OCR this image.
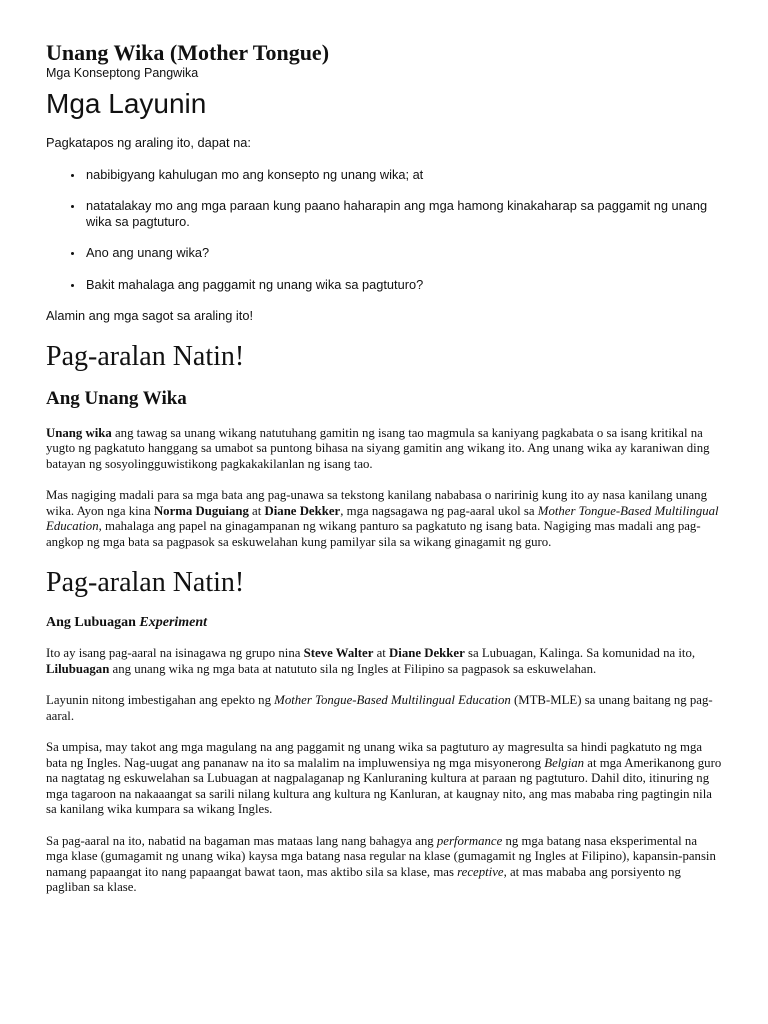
Unang Wika (Mother Tongue)
Mga Konseptong Pangwika
Mga Layunin

Pagkatapos ng araling ito, dapat na:

• nabibigyang kahulugan mo ang konsepto ng unang wika; at
• natatalakay mo ang mga paraan kung paano haharapin ang mga hamong kinakaharap sa paggamit ng unang wika sa pagtuturo.
• Ano ang unang wika?
• Bakit mahalaga ang paggamit ng unang wika sa pagtuturo?

Alamin ang mga sagot sa araling ito!

Pag-aralan Natin!
Ang Unang Wika

Unang wika ang tawag sa unang wikang natutuhang gamitin ng isang tao magmula sa kaniyang pagkabata o sa isang kritikal na yugto ng pagkatuto hanggang sa umabot sa puntong bihasa na siyang gamitin ang wikang ito. Ang unang wika ay karaniwan ding batayan ng sosyolingguwistikong pagkakakilanlan ng isang tao.

Mas nagiging madali para sa mga bata ang pag-unawa sa tekstong kanilang nababasa o naririnig kung ito ay nasa kanilang unang wika. Ayon nga kina Norma Duguiang at Diane Dekker, mga nagsagawa ng pag-aaral ukol sa Mother Tongue-Based Multilingual Education, mahalaga ang papel na ginagampanan ng wikang panturo sa pagkatuto ng isang bata. Nagiging mas madali ang pag-angkop ng mga bata sa pagpasok sa eskuwelahan kung pamilyar sila sa wikang ginagamit ng guro.

Pag-aralan Natin!
Ang Lubuagan Experiment

Ito ay isang pag-aaral na isinagawa ng grupo nina Steve Walter at Diane Dekker sa Lubuagan, Kalinga. Sa komunidad na ito, Lilubuagan ang unang wika ng mga bata at natututo sila ng Ingles at Filipino sa pagpasok sa eskuwelahan.

Layunin nitong imbestigahan ang epekto ng Mother Tongue-Based Multilingual Education (MTB-MLE) sa unang baitang ng pag-aaral.

Sa umpisa, may takot ang mga magulang na ang paggamit ng unang wika sa pagtuturo ay magresulta sa hindi pagkatuto ng mga bata ng Ingles. Nag-uugat ang pananaw na ito sa malalim na impluwensiya ng mga misyonerong Belgian at mga Amerikanong guro na nagtatag ng eskuwelahan sa Lubuagan at nagpalaganap ng Kanluraning kultura at paraan ng pagtuturo. Dahil dito, itinuring ng mga tagaroon na nakaaangat sa sarili nilang kultura ang kultura ng Kanluran, at kaugnay nito, ang mas mababa ring pagtingin nila sa kanilang wika kumpara sa wikang Ingles.

Sa pag-aaral na ito, nabatid na bagaman mas mataas lang nang bahagya ang performance ng mga batang nasa eksperimental na mga klase (gumagamit ng unang wika) kaysa mga batang nasa regular na klase (gumagamit ng Ingles at Filipino), kapansin-pansin namang papaangat ito nang papaangat bawat taon, mas aktibo sila sa klase, mas receptive, at mas mababa ang porsiyento ng pagliban sa klase.
